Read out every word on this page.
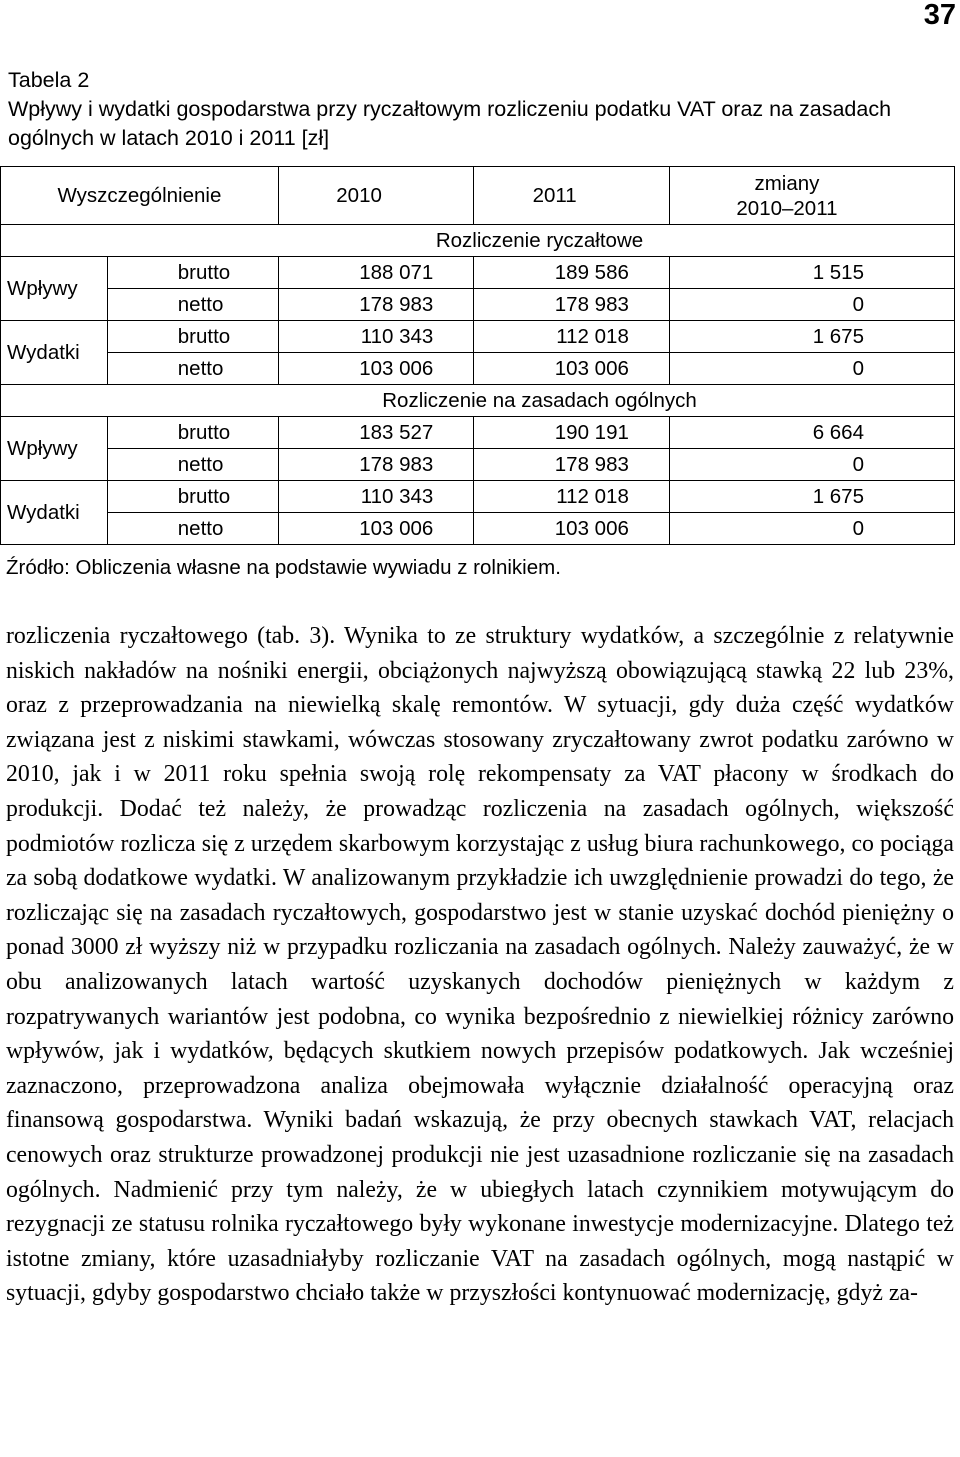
37
Tabela 2
Wpływy i wydatki gospodarstwa przy ryczałtowym rozliczeniu podatku VAT oraz na zasadach ogólnych w latach 2010 i 2011 [zł]
Wyszczególnienie		2010	2011	zmiany
2010–2011
Rozliczenie ryczałtowe				
Wpływy	brutto	188 071	189 586	1 515
	netto	178 983	178 983	0
Wydatki	brutto	110 343	112 018	1 675
	netto	103 006	103 006	0
Rozliczenie na zasadach ogólnych				
Wpływy	brutto	183 527	190 191	6 664
	netto	178 983	178 983	0
Wydatki	brutto	110 343	112 018	1 675
	netto	103 006	103 006	0
Źródło: Obliczenia własne na podstawie wywiadu z rolnikiem.

rozliczenia ryczałtowego (tab. 3). Wynika to ze struktury wydatków, a szczególnie z relatywnie niskich nakładów na nośniki energii, obciążonych najwyższą obowiązującą stawką 22 lub 23%, oraz z przeprowadzania na niewielką skalę remontów. W sytuacji, gdy duża część wydatków związana jest z niskimi stawkami, wówczas stosowany zryczałtowany zwrot podatku zarówno w 2010, jak i w 2011 roku spełnia swoją rolę rekompensaty za VAT płacony w środkach do produkcji. Dodać też należy, że prowadząc rozliczenia na zasadach ogólnych, większość podmiotów rozlicza się z urzędem skarbowym korzystając z usług biura rachunkowego, co pociąga za sobą dodatkowe wydatki. W analizowanym przykładzie ich uwzględnienie prowadzi do tego, że rozliczając się na zasadach ryczałtowych, gospodarstwo jest w stanie uzyskać dochód pieniężny o ponad 3000 zł wyższy niż w przypadku rozliczania na zasadach ogólnych. Należy zauważyć, że w obu analizowanych latach wartość uzyskanych dochodów pieniężnych w każdym z rozpatrywanych wariantów jest podobna, co wynika bezpośrednio z niewielkiej różnicy zarówno wpływów, jak i wydatków, będących skutkiem nowych przepisów podatkowych. Jak wcześniej zaznaczono, przeprowadzona analiza obejmowała wyłącznie działalność operacyjną oraz finansową gospodarstwa. Wyniki badań wskazują, że przy obecnych stawkach VAT, relacjach cenowych oraz strukturze prowadzonej produkcji nie jest uzasadnione rozliczanie się na zasadach ogólnych. Nadmienić przy tym należy, że w ubiegłych latach czynnikiem motywującym do rezygnacji ze statusu rolnika ryczałtowego były wykonane inwestycje modernizacyjne. Dlatego też istotne zmiany, które uzasadniałyby rozliczanie VAT na zasadach ogólnych, mogą nastąpić w sytuacji, gdyby gospodarstwo chciało także w przyszłości kontynuować modernizację, gdyż za-
